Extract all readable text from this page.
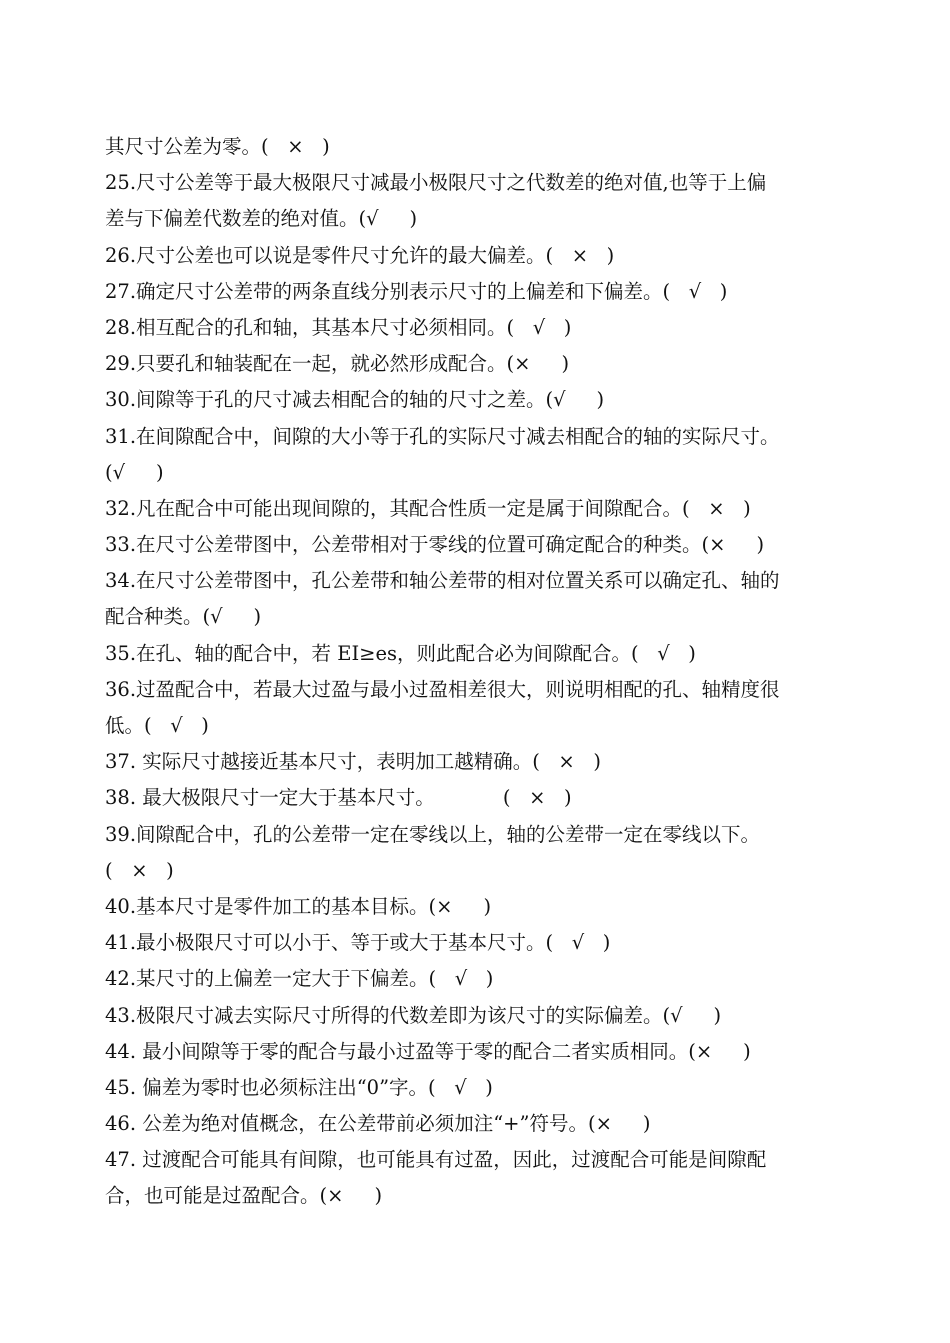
其尺寸公差为零。(   ×   )
25.尺寸公差等于最大极限尺寸减最小极限尺寸之代数差的绝对值,也等于上偏
差与下偏差代数差的绝对值。(√     )
26.尺寸公差也可以说是零件尺寸允许的最大偏差。(   ×   )
27.确定尺寸公差带的两条直线分别表示尺寸的上偏差和下偏差。(   √   )
28.相互配合的孔和轴，其基本尺寸必须相同。(   √   )
29.只要孔和轴装配在一起，就必然形成配合。(×     )
30.间隙等于孔的尺寸减去相配合的轴的尺寸之差。(√     )
31.在间隙配合中，间隙的大小等于孔的实际尺寸减去相配合的轴的实际尺寸。
(√     )
32.凡在配合中可能出现间隙的，其配合性质一定是属于间隙配合。(   ×   )
33.在尺寸公差带图中，公差带相对于零线的位置可确定配合的种类。(×     )
34.在尺寸公差带图中，孔公差带和轴公差带的相对位置关系可以确定孔、轴的
配合种类。(√     )
35.在孔、轴的配合中，若 EI≥es，则此配合必为间隙配合。(   √   )
36.过盈配合中，若最大过盈与最小过盈相差很大，则说明相配的孔、轴精度很
低。(   √   )
37. 实际尺寸越接近基本尺寸，表明加工越精确。(   ×   )
38. 最大极限尺寸一定大于基本尺寸。           (   ×   )
39.间隙配合中，孔的公差带一定在零线以上，轴的公差带一定在零线以下。
(   ×   )
40.基本尺寸是零件加工的基本目标。(×     )
41.最小极限尺寸可以小于、等于或大于基本尺寸。(   √   )
42.某尺寸的上偏差一定大于下偏差。(   √   )
43.极限尺寸减去实际尺寸所得的代数差即为该尺寸的实际偏差。(√     )
44. 最小间隙等于零的配合与最小过盈等于零的配合二者实质相同。(×     )
45. 偏差为零时也必须标注出“0”字。(   √   )
46. 公差为绝对值概念，在公差带前必须加注“+”符号。(×     )
47. 过渡配合可能具有间隙，也可能具有过盈，因此，过渡配合可能是间隙配
合，也可能是过盈配合。(×     )
